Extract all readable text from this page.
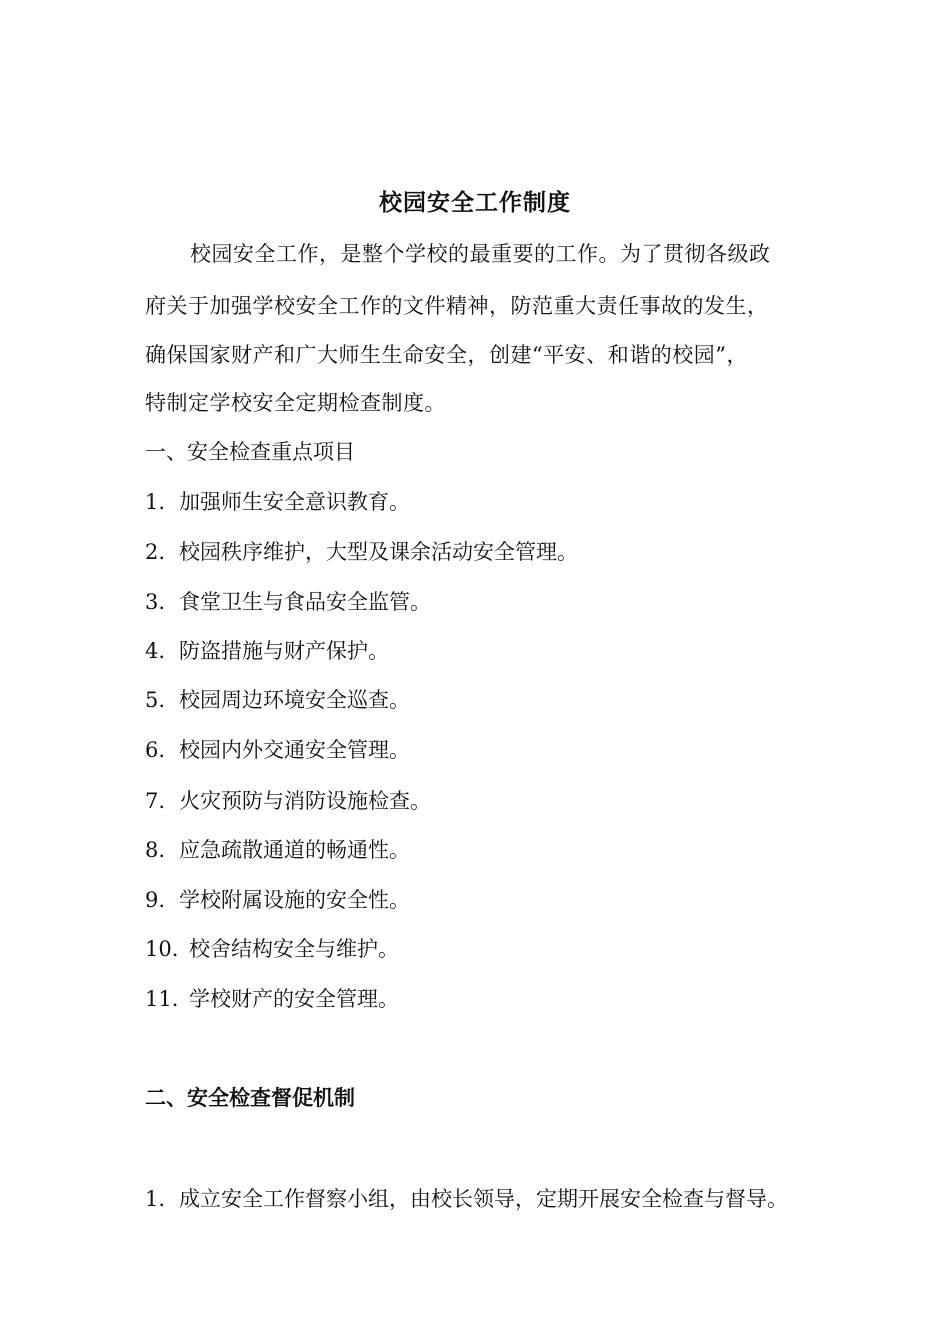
校园安全工作制度
校园安全工作，是整个学校的最重要的工作。为了贯彻各级政
府关于加强学校安全工作的文件精神，防范重大责任事故的发生，
确保国家财产和广大师生生命安全，创建“平安、和谐的校园”，
特制定学校安全定期检查制度。
一、安全检查重点项目
1. 加强师生安全意识教育。
2. 校园秩序维护，大型及课余活动安全管理。
3. 食堂卫生与食品安全监管。
4. 防盗措施与财产保护。
5. 校园周边环境安全巡查。
6. 校园内外交通安全管理。
7. 火灾预防与消防设施检查。
8. 应急疏散通道的畅通性。
9. 学校附属设施的安全性。
10. 校舍结构安全与维护。
11. 学校财产的安全管理。
二、安全检查督促机制
1. 成立安全工作督察小组，由校长领导，定期开展安全检查与督导。
